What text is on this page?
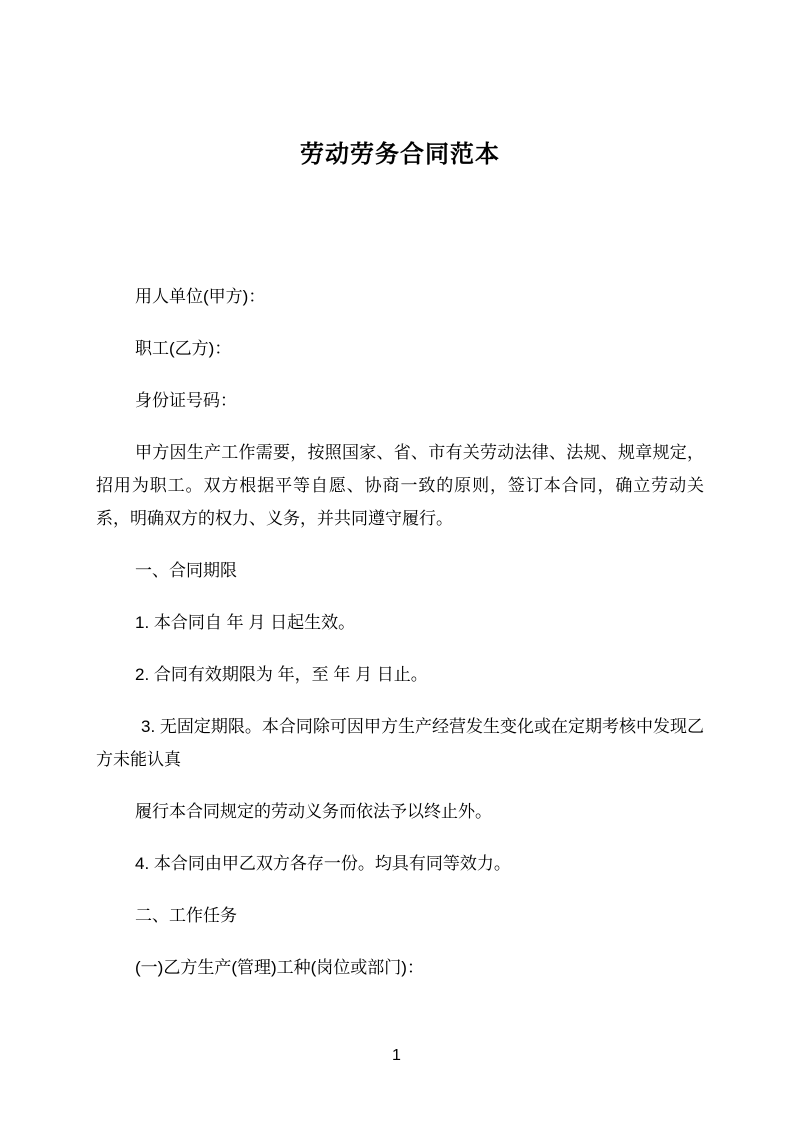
劳动劳务合同范本

用人单位(甲方)：

职工(乙方)：

身份证号码：

甲方因生产工作需要，按照国家、省、市有关劳动法律、法规、规章规定，招用为职工。双方根据平等自愿、协商一致的原则，签订本合同，确立劳动关系，明确双方的权力、义务，并共同遵守履行。

一、合同期限

1. 本合同自 年 月 日起生效。

2. 合同有效期限为 年，至 年 月 日止。

3. 无固定期限。本合同除可因甲方生产经营发生变化或在定期考核中发现乙方未能认真

履行本合同规定的劳动义务而依法予以终止外。

4. 本合同由甲乙双方各存一份。均具有同等效力。

二、工作任务

(一)乙方生产(管理)工种(岗位或部门)：

1
